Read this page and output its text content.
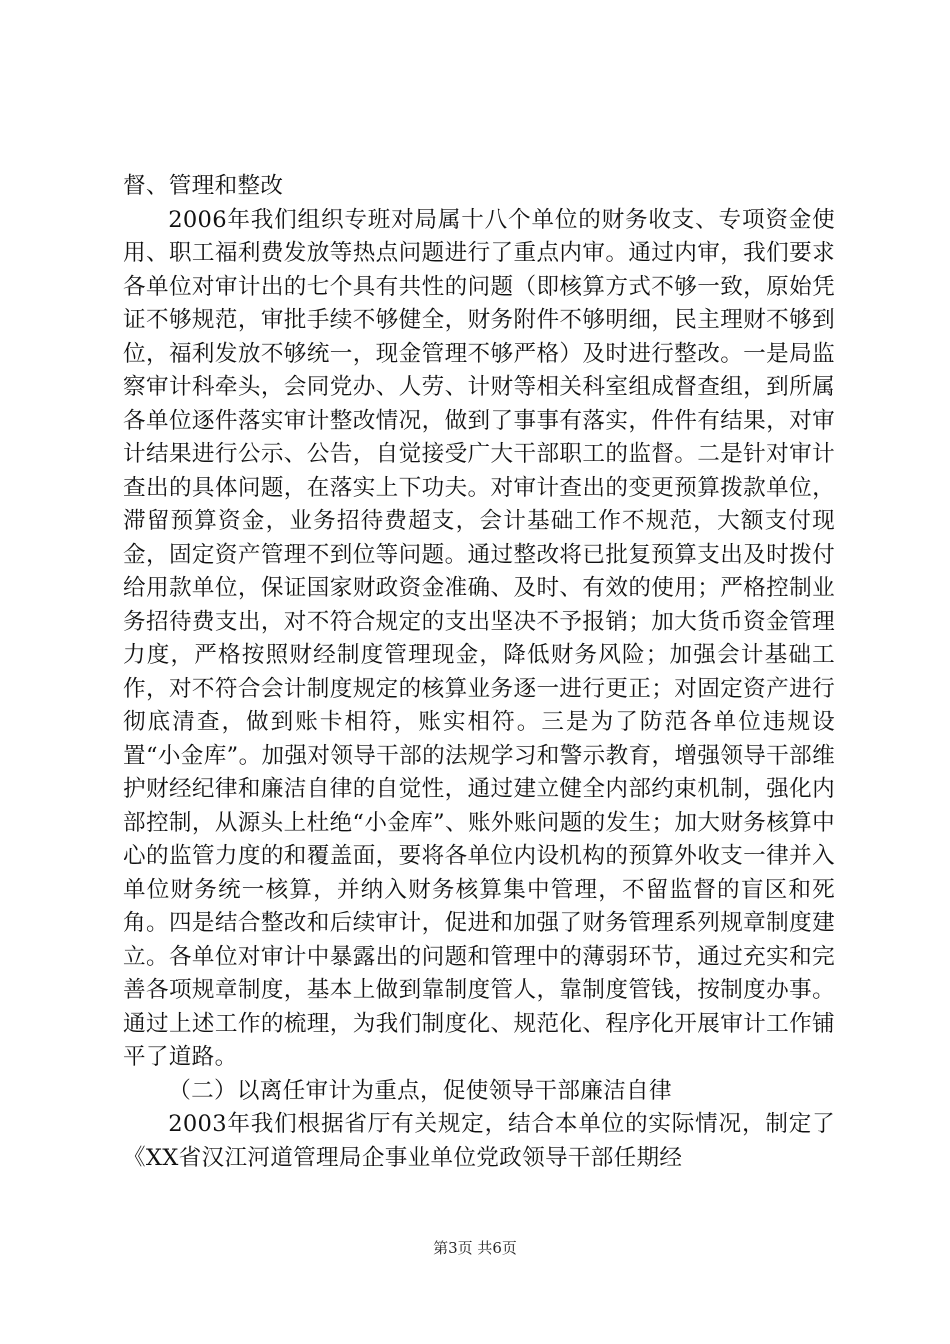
督、管理和整改

2006年我们组织专班对局属十八个单位的财务收支、专项资金使用、职工福利费发放等热点问题进行了重点内审。通过内审，我们要求各单位对审计出的七个具有共性的问题（即核算方式不够一致，原始凭证不够规范，审批手续不够健全，财务附件不够明细，民主理财不够到位，福利发放不够统一，现金管理不够严格）及时进行整改。一是局监察审计科牵头，会同党办、人劳、计财等相关科室组成督查组，到所属各单位逐件落实审计整改情况，做到了事事有落实，件件有结果，对审计结果进行公示、公告，自觉接受广大干部职工的监督。二是针对审计查出的具体问题，在落实上下功夫。对审计查出的变更预算拨款单位，滞留预算资金，业务招待费超支，会计基础工作不规范，大额支付现金，固定资产管理不到位等问题。通过整改将已批复预算支出及时拨付给用款单位，保证国家财政资金准确、及时、有效的使用；严格控制业务招待费支出，对不符合规定的支出坚决不予报销；加大货币资金管理力度，严格按照财经制度管理现金，降低财务风险；加强会计基础工作，对不符合会计制度规定的核算业务逐一进行更正；对固定资产进行彻底清查，做到账卡相符，账实相符。三是为了防范各单位违规设置“小金库”。加强对领导干部的法规学习和警示教育，增强领导干部维护财经纪律和廉洁自律的自觉性，通过建立健全内部约束机制，强化内部控制，从源头上杜绝“小金库”、账外账问题的发生；加大财务核算中心的监管力度的和覆盖面，要将各单位内设机构的预算外收支一律并入单位财务统一核算，并纳入财务核算集中管理，不留监督的盲区和死角。四是结合整改和后续审计，促进和加强了财务管理系列规章制度建立。各单位对审计中暴露出的问题和管理中的薄弱环节，通过充实和完善各项规章制度，基本上做到靠制度管人，靠制度管钱，按制度办事。通过上述工作的梳理，为我们制度化、规范化、程序化开展审计工作铺平了道路。

（二）以离任审计为重点，促使领导干部廉洁自律

2003年我们根据省厅有关规定，结合本单位的实际情况，制定了《XX省汉江河道管理局企事业单位党政领导干部任期经

第3页 共6页
